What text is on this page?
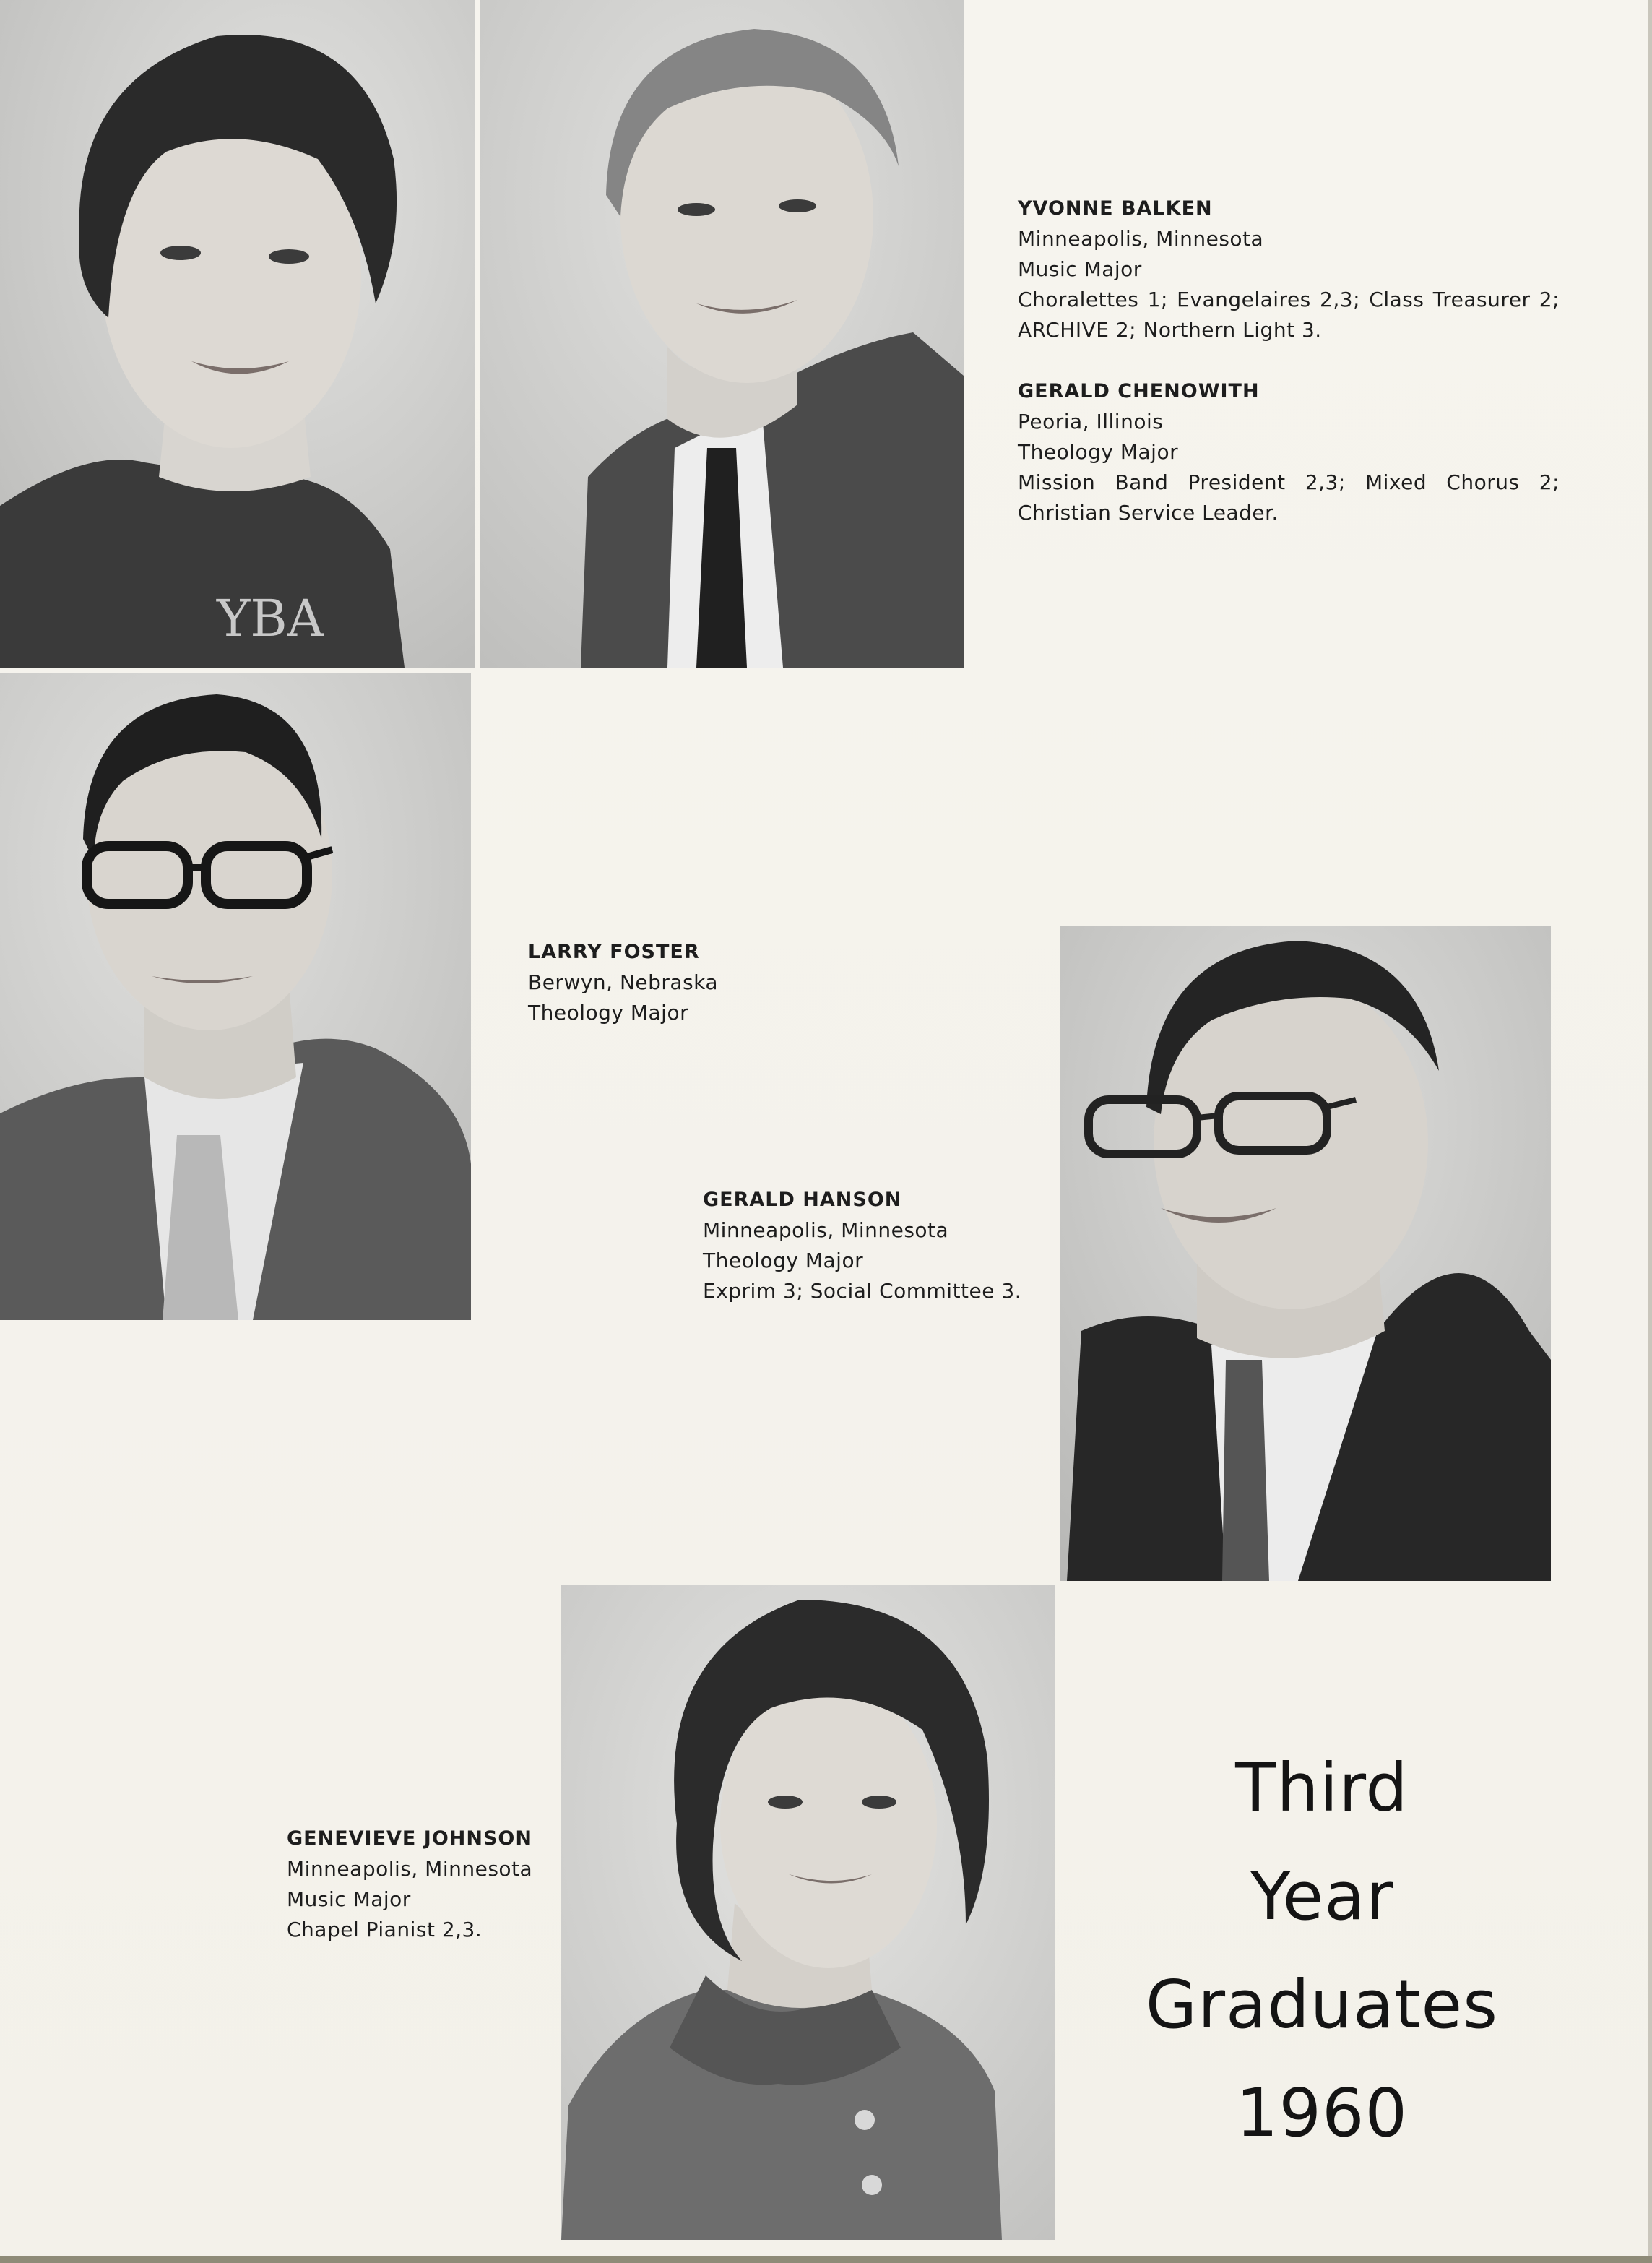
YBA
YVONNE BALKEN
Minneapolis, Minnesota
Music Major
Choralettes 1; Evangelaires 2,3; Class Treasurer 2; ARCHIVE 2; Northern Light 3.
GERALD CHENOWITH
Peoria, Illinois
Theology Major
Mission Band President 2,3; Mixed Chorus 2; Christian Service Leader.
LARRY FOSTER
Berwyn, Nebraska
Theology Major
GERALD HANSON
Minneapolis, Minnesota
Theology Major
Exprim 3; Social Committee 3.
GENEVIEVE JOHNSON
Minneapolis, Minnesota
Music Major
Chapel Pianist 2,3.
Third
Year
Graduates
1960
